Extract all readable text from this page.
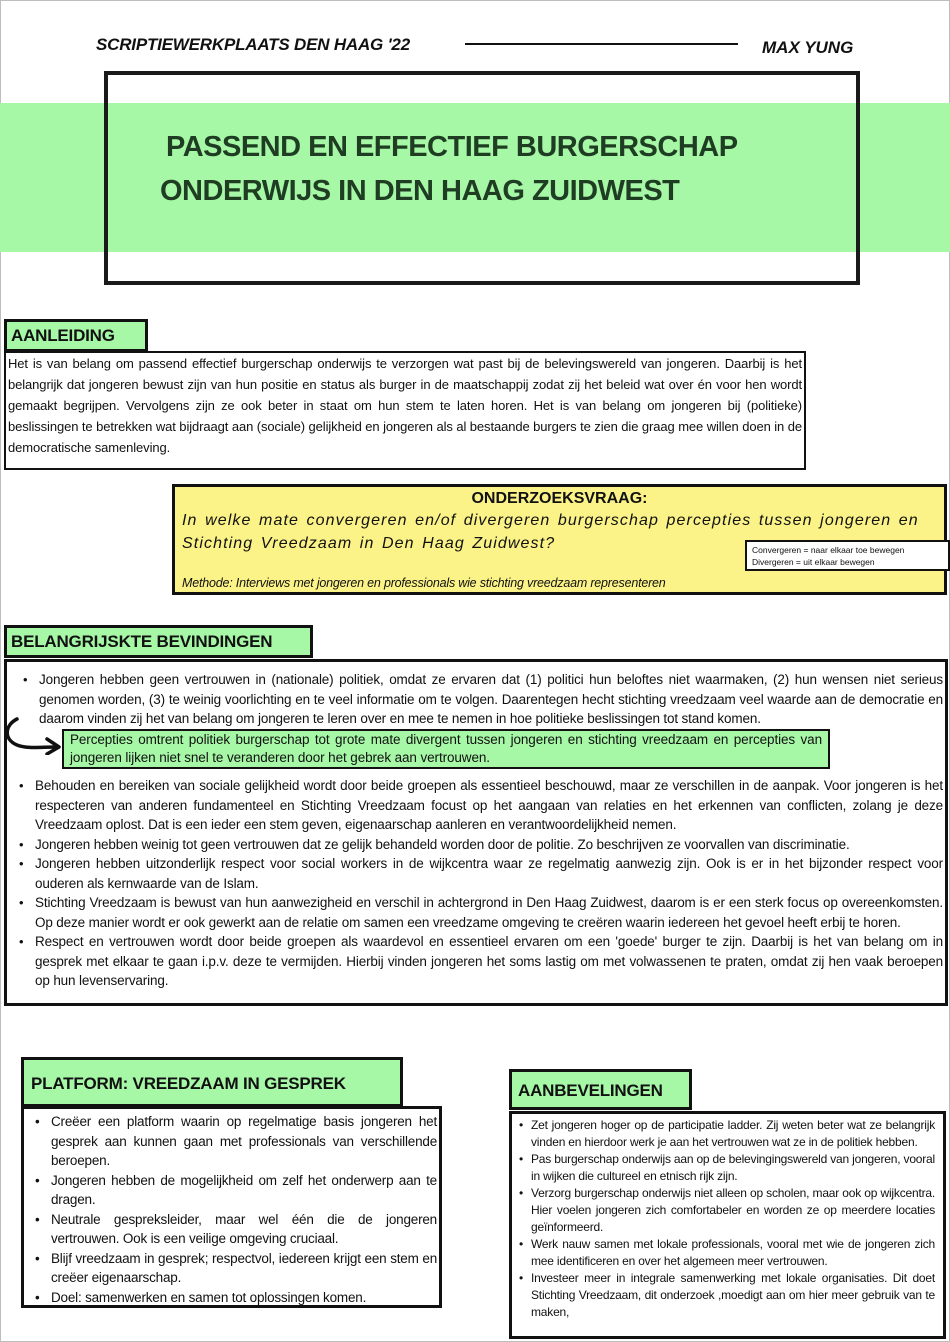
SCRIPTIEWERKPLAATS DEN HAAG '22	MAX YUNG
PASSEND EN EFFECTIEF BURGERSCHAP
ONDERWIJS IN DEN HAAG ZUIDWEST
AANLEIDING
Het is van belang om passend effectief burgerschap onderwijs te verzorgen wat past bij de belevingswereld van jongeren. Daarbij is het belangrijk dat jongeren bewust zijn van hun positie en status als burger in de maatschappij zodat zij het beleid wat over én voor hen wordt gemaakt begrijpen. Vervolgens zijn ze ook beter in staat om hun stem te laten horen. Het is van belang om jongeren bij (politieke) beslissingen te betrekken wat bijdraagt aan (sociale) gelijkheid en jongeren als al bestaande burgers te zien die graag mee willen doen in de democratische samenleving.
ONDERZOEKSVRAAG:
In welke mate convergeren en/of divergeren burgerschap percepties tussen jongeren en Stichting Vreedzaam in Den Haag Zuidwest?	Convergeren = naar elkaar toe bewegen
Divergeren = uit elkaar bewegen
Methode: Interviews met jongeren en professionals wie stichting vreedzaam representeren
BELANGRIJSKTE BEVINDINGEN
• Jongeren hebben geen vertrouwen in (nationale) politiek, omdat ze ervaren dat (1) politici hun beloftes niet waarmaken, (2) hun wensen niet serieus genomen worden, (3) te weinig voorlichting en te veel informatie om te volgen. Daarentegen hecht stichting vreedzaam veel waarde aan de democratie en daarom vinden zij het van belang om jongeren te leren over en mee te nemen in hoe politieke beslissingen tot stand komen.
• Behouden en bereiken van sociale gelijkheid wordt door beide groepen als essentieel beschouwd, maar ze verschillen in de aanpak. Voor jongeren is het respecteren van anderen fundamenteel en Stichting Vreedzaam focust op het aangaan van relaties en het erkennen van conflicten, zolang je deze Vreedzaam oplost. Dat is een ieder een stem geven, eigenaarschap aanleren en verantwoordelijkheid nemen.
• Jongeren hebben weinig tot geen vertrouwen dat ze gelijk behandeld worden door de politie. Zo beschrijven ze voorvallen van discriminatie.
• Jongeren hebben uitzonderlijk respect voor social workers in de wijkcentra waar ze regelmatig aanwezig zijn. Ook is er in het bijzonder respect voor ouderen als kernwaarde van de Islam.
• Stichting Vreedzaam is bewust van hun aanwezigheid en verschil in achtergrond in Den Haag Zuidwest, daarom is er een sterk focus op overeenkomsten. Op deze manier wordt er ook gewerkt aan de relatie om samen een vreedzame omgeving te creëren waarin iedereen het gevoel heeft erbij te horen.
• Respect en vertrouwen wordt door beide groepen als waardevol en essentieel ervaren om een 'goede' burger te zijn. Daarbij is het van belang om in gesprek met elkaar te gaan i.p.v. deze te vermijden. Hierbij vinden jongeren het soms lastig om met volwassenen te praten, omdat zij hen vaak beroepen op hun levenservaring.
Percepties omtrent politiek burgerschap tot grote mate divergent tussen jongeren en stichting vreedzaam en percepties van jongeren lijken niet snel te veranderen door het gebrek aan vertrouwen.
PLATFORM: VREEDZAAM IN GESPREK
• Creëer een platform waarin op regelmatige basis jongeren het gesprek aan kunnen gaan met professionals van verschillende beroepen.
• Jongeren hebben de mogelijkheid om zelf het onderwerp aan te dragen.
• Neutrale gespreksleider, maar wel één die de jongeren vertrouwen. Ook is een veilige omgeving cruciaal.
• Blijf vreedzaam in gesprek; respectvol, iedereen krijgt een stem en creëer eigenaarschap.
• Doel: samenwerken en samen tot oplossingen komen.
AANBEVELINGEN
• Zet jongeren hoger op de participatie ladder. Zij weten beter wat ze belangrijk vinden en hierdoor werk je aan het vertrouwen wat ze in de politiek hebben.
• Pas burgerschap onderwijs aan op de belevingingswereld van jongeren, vooral in wijken die cultureel en etnisch rijk zijn.
• Verzorg burgerschap onderwijs niet alleen op scholen, maar ook op wijkcentra. Hier voelen jongeren zich comfortabeler en worden ze op meerdere locaties geïnformeerd.
• Werk nauw samen met lokale professionals, vooral met wie de jongeren zich mee identificeren en over het algemeen meer vertrouwen.
• Investeer meer in integrale samenwerking met lokale organisaties. Dit doet Stichting Vreedzaam, dit onderzoek ,moedigt aan om hier meer gebruik van te maken,
